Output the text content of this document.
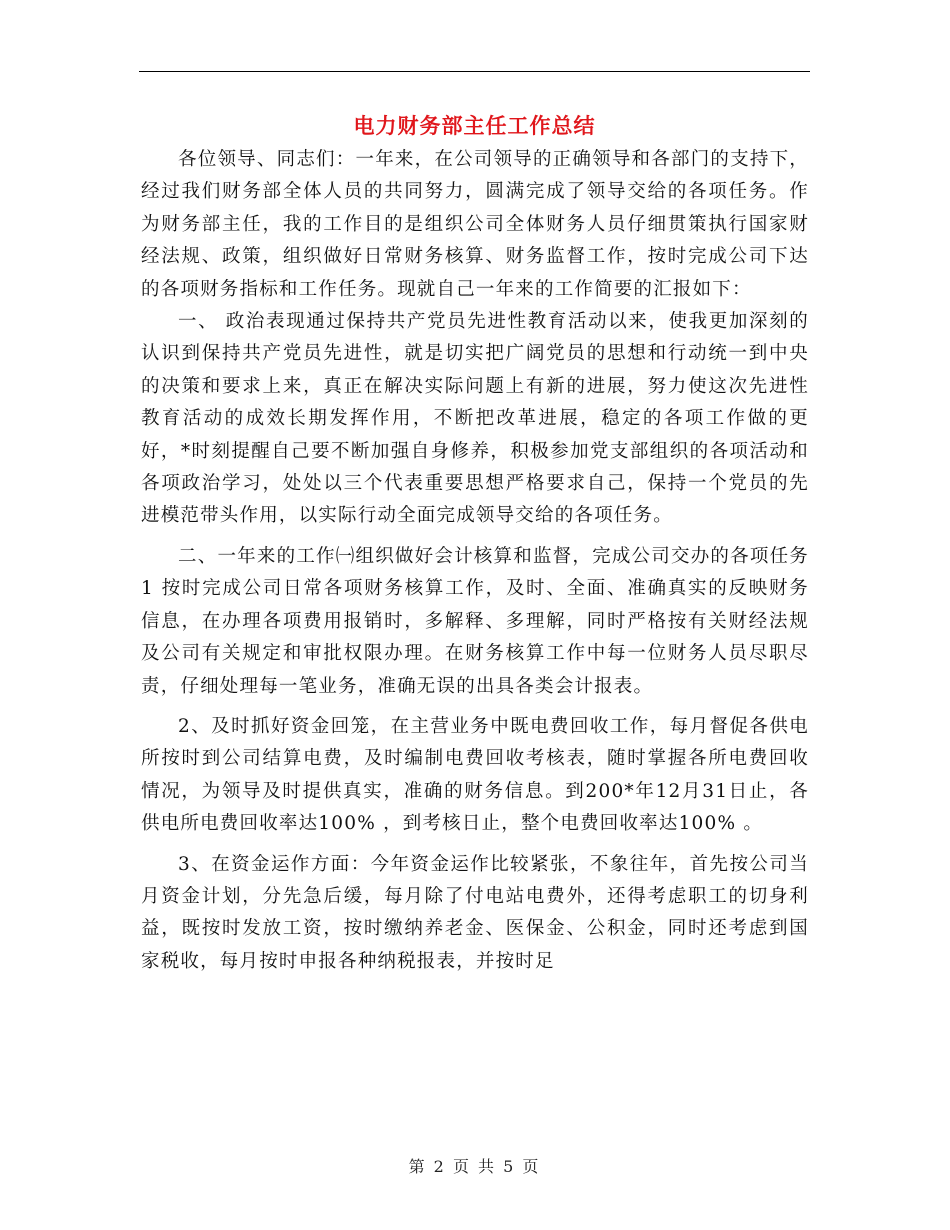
电力财务部主任工作总结

各位领导、同志们：一年来，在公司领导的正确领导和各部门的支持下，经过我们财务部全体人员的共同努力，圆满完成了领导交给的各项任务。作为财务部主任，我的工作目的是组织公司全体财务人员仔细贯策执行国家财经法规、政策，组织做好日常财务核算、财务监督工作，按时完成公司下达的各项财务指标和工作任务。现就自己一年来的工作简要的汇报如下：

一、 政治表现通过保持共产党员先进性教育活动以来，使我更加深刻的认识到保持共产党员先进性，就是切实把广阔党员的思想和行动统一到中央的决策和要求上来，真正在解决实际问题上有新的进展，努力使这次先进性教育活动的成效长期发挥作用，不断把改革进展，稳定的各项工作做的更好，*时刻提醒自己要不断加强自身修养，积极参加党支部组织的各项活动和各项政治学习，处处以三个代表重要思想严格要求自己，保持一个党员的先进模范带头作用，以实际行动全面完成领导交给的各项任务。

二、一年来的工作㈠组织做好会计核算和监督，完成公司交办的各项任务1 按时完成公司日常各项财务核算工作，及时、全面、准确真实的反映财务信息，在办理各项费用报销时，多解释、多理解，同时严格按有关财经法规及公司有关规定和审批权限办理。在财务核算工作中每一位财务人员尽职尽责，仔细处理每一笔业务，准确无误的出具各类会计报表。

2、及时抓好资金回笼，在主营业务中既电费回收工作，每月督促各供电所按时到公司结算电费，及时编制电费回收考核表，随时掌握各所电费回收情况，为领导及时提供真实，准确的财务信息。到200*年12月31日止，各供电所电费回收率达100% ，到考核日止，整个电费回收率达100% 。

3、在资金运作方面：今年资金运作比较紧张，不象往年，首先按公司当月资金计划，分先急后缓，每月除了付电站电费外，还得考虑职工的切身利益，既按时发放工资，按时缴纳养老金、医保金、公积金，同时还考虑到国家税收，每月按时申报各种纳税报表，并按时足

第 2 页 共 5 页
